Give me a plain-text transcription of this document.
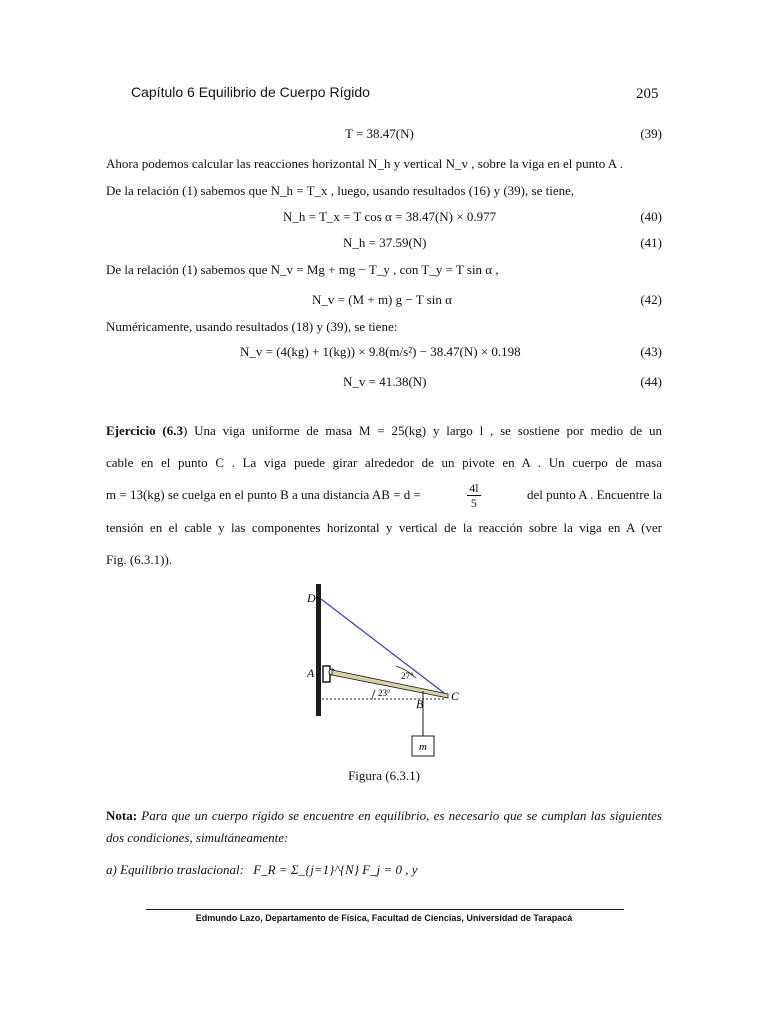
Capítulo 6 Equilibrio de Cuerpo Rígido	205
T = 38.47(N)	(39)
Ahora podemos calcular las reacciones horizontal N_h y vertical N_v , sobre la viga en el punto A .
De la relación (1) sabemos que N_h = T_x , luego, usando resultados (16) y (39), se tiene,
N_h = T_x = T cos α = 38.47(N) × 0.977	(40)
N_h = 37.59(N)	(41)
De la relación (1) sabemos que N_v = Mg + mg − T_y , con T_y = T sin α ,
N_v = (M + m) g − T sin α	(42)
Numéricamente, usando resultados (18) y (39), se tiene:
N_v = (4(kg) + 1(kg)) × 9.8(m/s²) − 38.47(N) × 0.198	(43)
N_v = 41.38(N)	(44)
Ejercicio (6.3) Una viga uniforme de masa M = 25(kg) y largo l , se sostiene por medio de un
cable en el punto C . La viga puede girar alrededor de un pivote en A . Un cuerpo de masa
m = 13(kg) se cuelga en el punto B a una distancia AB = d =	$\frac{4l}{5}$	del punto A . Encuentre la
tensión en el cable y las componentes horizontal y vertical de la reacción sobre la viga en A (ver
Fig. (6.3.1)).
D
A
B
C
m
27°
23°
Figura (6.3.1)
Nota: Para que un cuerpo rígido se encuentre en equilibrio, es necesario que se cumplan las siguientes dos condiciones, simultáneamente:
a) Equilibrio traslacional: F_R = Σ_{j=1}^{N} F_j = 0 , y
Edmundo Lazo, Departamento de Física, Facultad de Ciencias, Universidad de Tarapacá
